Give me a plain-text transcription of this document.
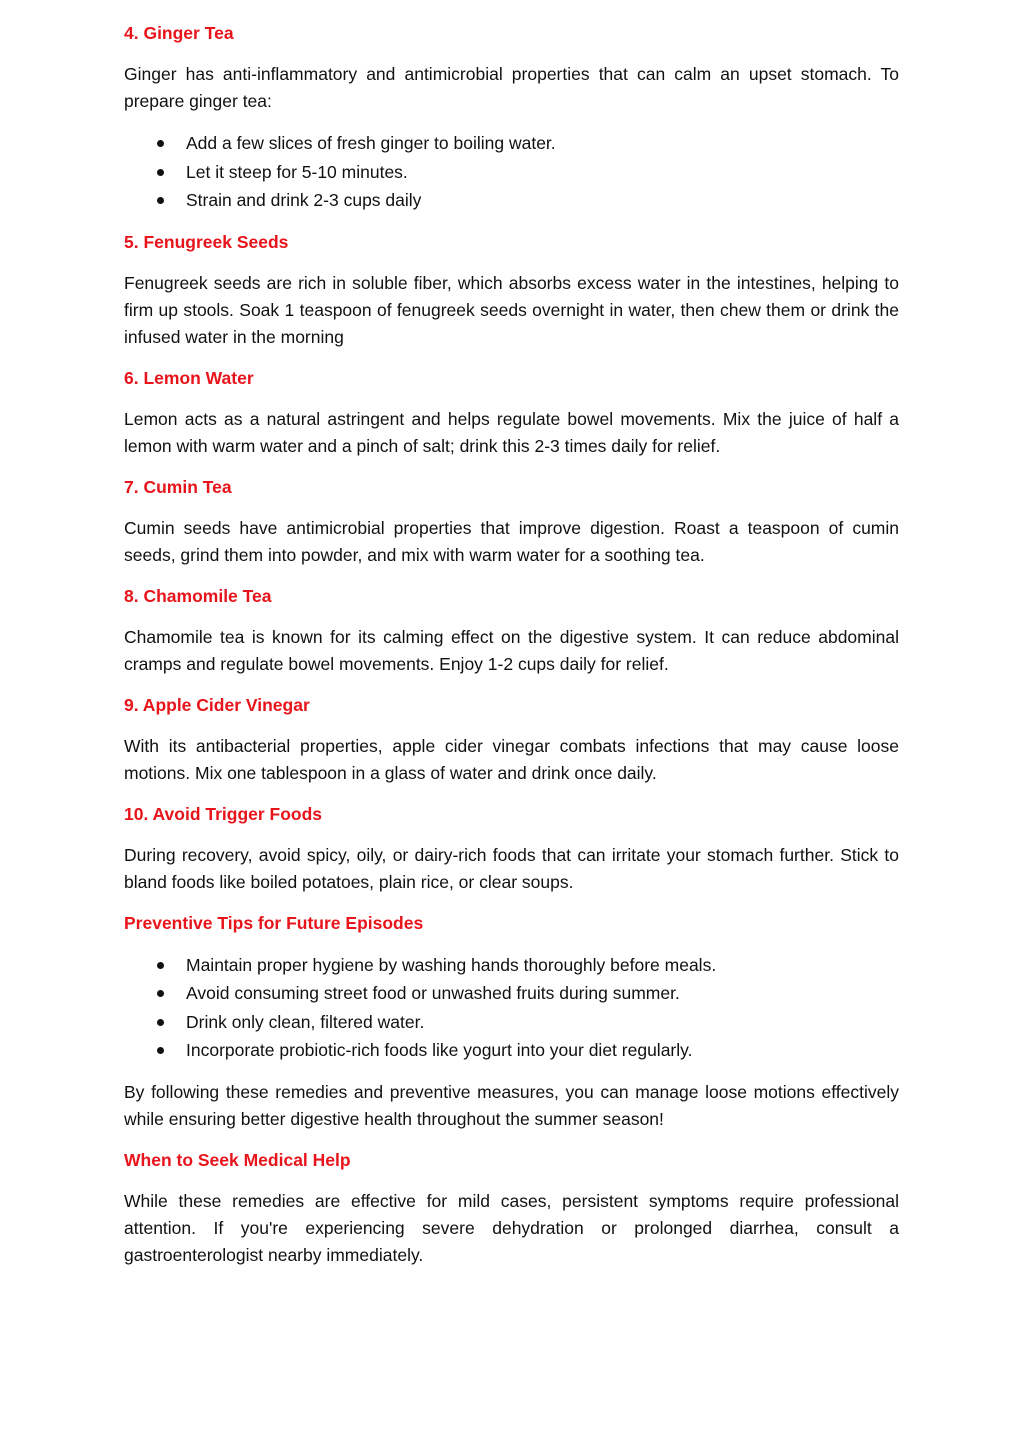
4. Ginger Tea

Ginger has anti-inflammatory and antimicrobial properties that can calm an upset stomach. To prepare ginger tea:

Add a few slices of fresh ginger to boiling water.
Let it steep for 5-10 minutes.
Strain and drink 2-3 cups daily
5. Fenugreek Seeds

Fenugreek seeds are rich in soluble fiber, which absorbs excess water in the intestines, helping to firm up stools. Soak 1 teaspoon of fenugreek seeds overnight in water, then chew them or drink the infused water in the morning

6. Lemon Water

Lemon acts as a natural astringent and helps regulate bowel movements. Mix the juice of half a lemon with warm water and a pinch of salt; drink this 2-3 times daily for relief.

7. Cumin Tea

Cumin seeds have antimicrobial properties that improve digestion. Roast a teaspoon of cumin seeds, grind them into powder, and mix with warm water for a soothing tea.

8. Chamomile Tea

Chamomile tea is known for its calming effect on the digestive system. It can reduce abdominal cramps and regulate bowel movements. Enjoy 1-2 cups daily for relief.

9. Apple Cider Vinegar

With its antibacterial properties, apple cider vinegar combats infections that may cause loose motions. Mix one tablespoon in a glass of water and drink once daily.

10. Avoid Trigger Foods

During recovery, avoid spicy, oily, or dairy-rich foods that can irritate your stomach further. Stick to bland foods like boiled potatoes, plain rice, or clear soups.

Preventive Tips for Future Episodes
Maintain proper hygiene by washing hands thoroughly before meals.
Avoid consuming street food or unwashed fruits during summer.
Drink only clean, filtered water.
Incorporate probiotic-rich foods like yogurt into your diet regularly.

By following these remedies and preventive measures, you can manage loose motions effectively while ensuring better digestive health throughout the summer season!

When to Seek Medical Help

While these remedies are effective for mild cases, persistent symptoms require professional attention. If you're experiencing severe dehydration or prolonged diarrhea, consult a gastroenterologist nearby immediately.
